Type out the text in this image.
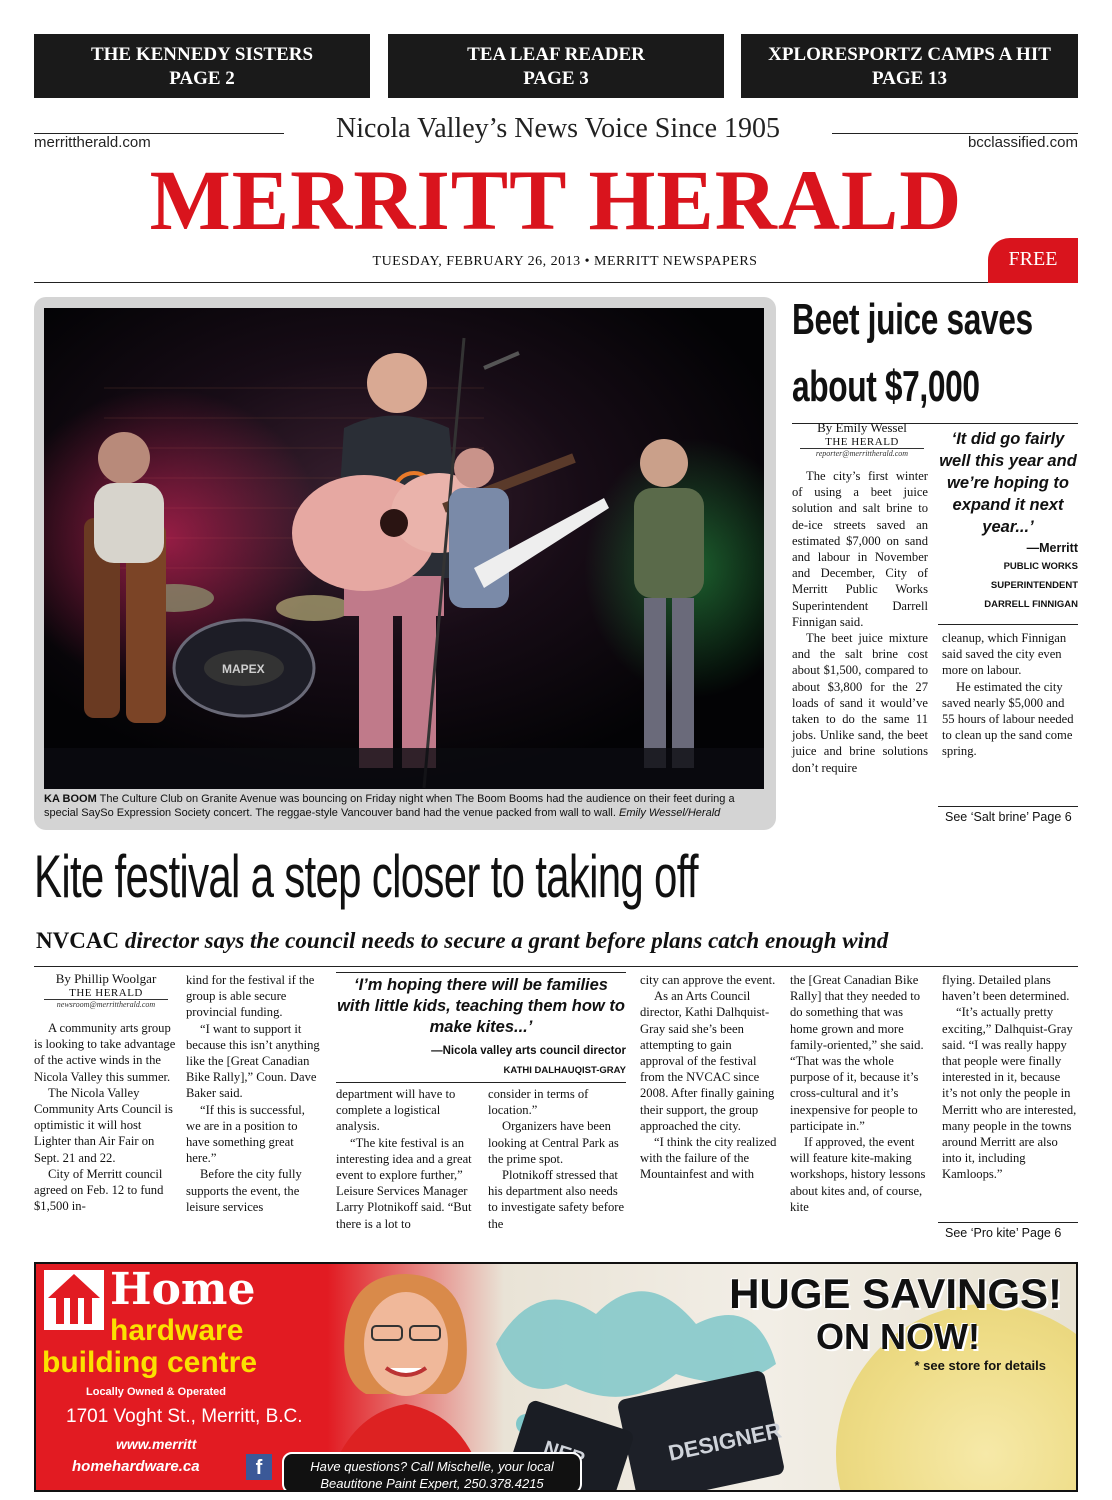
THE KENNEDY SISTERS
PAGE 2
TEA LEAF READER
PAGE 3
XPLORESPORTZ CAMPS A HIT
PAGE 13
merrittherald.com	bcclassified.com
Nicola Valley’s News Voice Since 1905
MERRITT HERALD
TUESDAY, FEBRUARY 26, 2013 • MERRITT NEWSPAPERS	FREE
MAPEX
KA BOOM The Culture Club on Granite Avenue was bouncing on Friday night when The Boom Booms had the audience on their feet during a special SaySo Expression Society concert. The reggae-style Vancouver band had the venue packed from wall to wall. Emily Wessel/Herald
Beet juice saves
about $7,000
By Emily Wessel
THE HERALD
reporter@merrittherald.com

The city’s first winter of using a beet juice solution and salt brine to de-ice streets saved an estimated $7,000 on sand and labour in November and December, City of Merritt Public Works Superintendent Darrell Finnigan said.

The beet juice mixture and the salt brine cost about $1,500, compared to about $3,800 for the 27 loads of sand it would’ve taken to do the same 11 jobs. Unlike sand, the beet juice and brine solutions don’t require

‘It did go fairly well this year and we’re hoping to expand it next year...’
—Merritt
PUBLIC WORKS
SUPERINTENDENT
DARRELL FINNIGAN

cleanup, which Finnigan said saved the city even more on labour.

He estimated the city saved nearly $5,000 and 55 hours of labour needed to clean up the sand come spring.

See ‘Salt brine’ Page 6
Kite festival a step closer to taking off
NVCAC director says the council needs to secure a grant before plans catch enough wind
By Phillip Woolgar
THE HERALD
newsroom@merrittherald.com

A community arts group is looking to take advantage of the active winds in the Nicola Valley this summer.

The Nicola Valley Community Arts Council is optimistic it will host Lighter than Air Fair on Sept. 21 and 22.

City of Merritt council agreed on Feb. 12 to fund $1,500 in-

kind for the festival if the group is able secure provincial funding.

“I want to support it because this isn’t anything like the [Great Canadian Bike Rally],” Coun. Dave Baker said.

“If this is successful, we are in a position to have something great here.”

Before the city fully supports the event, the leisure services

‘I’m hoping there will be families with little kids, teaching them how to make kites...’
—Nicola valley arts council director
KATHI DALHAUQIST-GRAY

department will have to complete a logistical analysis.

“The kite festival is an interesting idea and a great event to explore further,” Leisure Services Manager Larry Plotnikoff said. “But there is a lot to

consider in terms of location.”

Organizers have been looking at Central Park as the prime spot.

Plotnikoff stressed that his department also needs to investigate safety before the

city can approve the event.

As an Arts Council director, Kathi Dalhquist-Gray said she’s been attempting to gain approval of the festival from the NVCAC since 2008. After finally gaining their support, the group approached the city.

“I think the city realized with the failure of the Mountainfest and with

the [Great Canadian Bike Rally] that they needed to do something that was home grown and more family-oriented,” she said. “That was the whole purpose of it, because it’s cross-cultural and it’s inexpensive for people to participate in.”

If approved, the event will feature kite-making workshops, history lessons about kites and, of course, kite

flying. Detailed plans haven’t been determined.

“It’s actually pretty exciting,” Dalhquist-Gray said. “I was really happy that people were finally interested in it, because it’s not only the people in Merritt who are interested, many people in the towns around Merritt are also into it, including Kamloops.”

See ‘Pro kite’ Page 6
Home
hardware
building centre
Locally Owned & Operated
1701 Voght St., Merritt, B.C.
www.merritt
homehardware.ca	f
DESIGNER
HUGE SAVINGS!
ON NOW!
* see store for details
Have questions? Call Mischelle, your local
Beautitone Paint Expert, 250.378.4215
